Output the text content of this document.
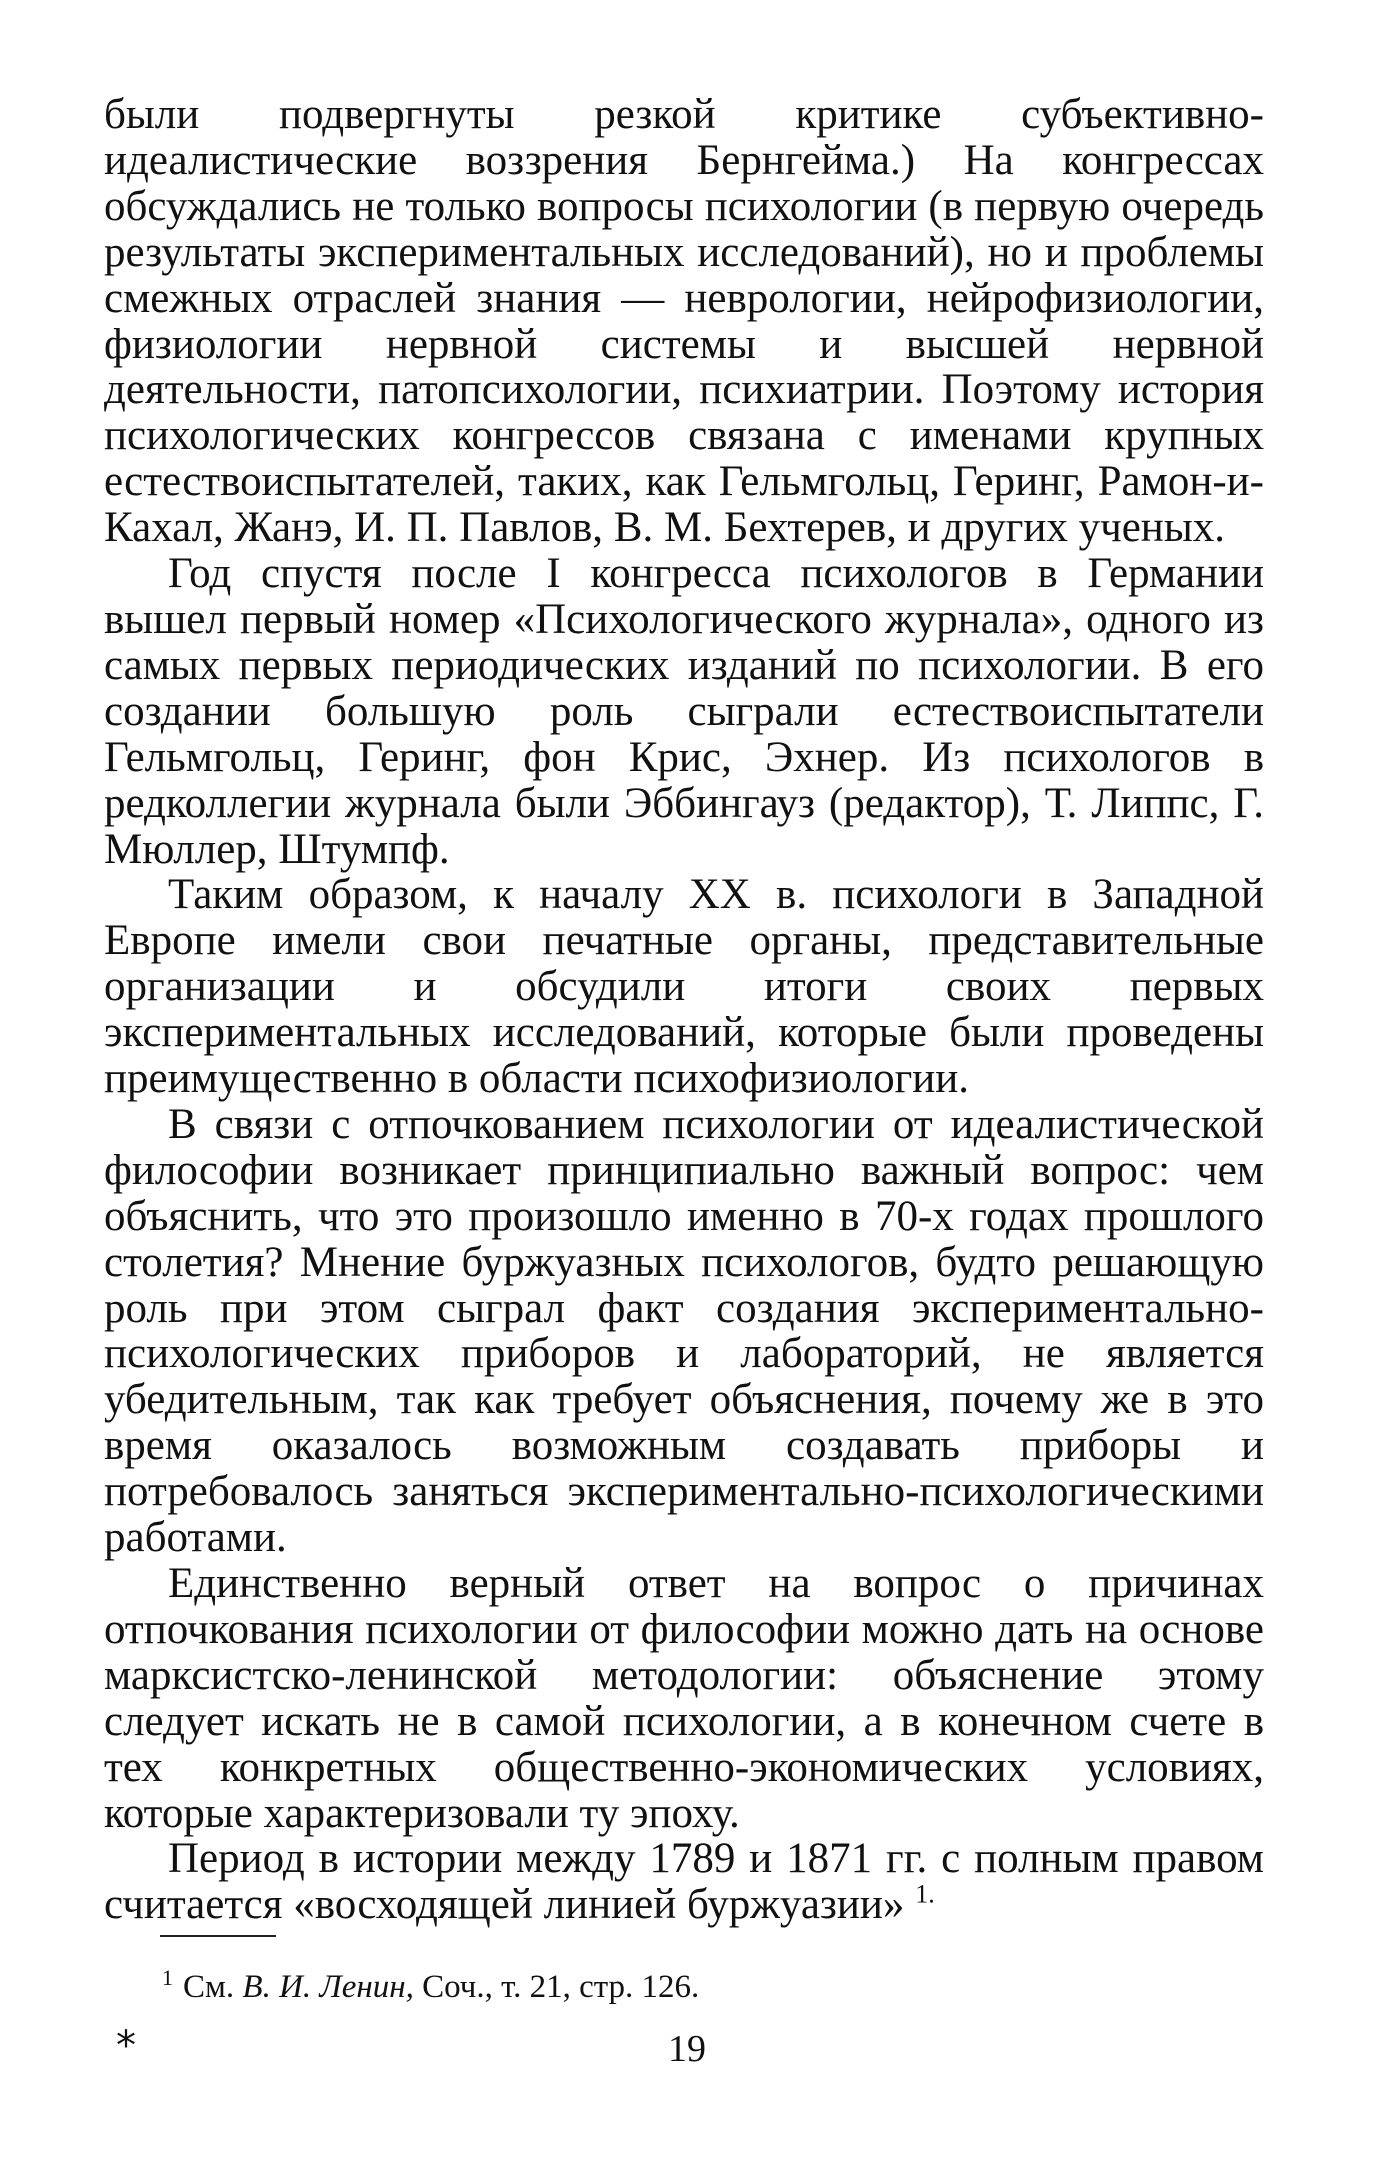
были подвергнуты резкой критике субъективно-идеалистические воззрения Бернгейма.) На конгрессах обсуждались не только вопросы психологии (в первую очередь результаты экспериментальных исследований), но и проблемы смежных отраслей знания — неврологии, нейрофизиологии, физиологии нервной системы и высшей нервной деятельности, патопсихологии, психиатрии. Поэтому история психологических конгрессов связана с именами крупных естествоиспытателей, таких, как Гельмгольц, Геринг, Рамон-и-Кахал, Жанэ, И. П. Павлов, В. М. Бехтерев, и других ученых.

Год спустя после I конгресса психологов в Германии вышел первый номер «Психологического журнала», одного из самых первых периодических изданий по психологии. В его создании большую роль сыграли естествоиспытатели Гельмгольц, Геринг, фон Крис, Эхнер. Из психологов в редколлегии журнала были Эббингауз (редактор), Т. Липпс, Г. Мюллер, Штумпф.

Таким образом, к началу XX в. психологи в Западной Европе имели свои печатные органы, представительные организации и обсудили итоги своих первых экспериментальных исследований, которые были проведены преимущественно в области психофизиологии.

В связи с отпочкованием психологии от идеалистической философии возникает принципиально важный вопрос: чем объяснить, что это произошло именно в 70-х годах прошлого столетия? Мнение буржуазных психологов, будто решающую роль при этом сыграл факт создания экспериментально-психологических приборов и лабораторий, не является убедительным, так как требует объяснения, почему же в это время оказалось возможным создавать приборы и потребовалось заняться экспериментально-психологическими работами.

Единственно верный ответ на вопрос о причинах отпочкования психологии от философии можно дать на основе марксистско-ленинской методологии: объяснение этому следует искать не в самой психологии, а в конечном счете в тех конкретных общественно-экономических условиях, которые характеризовали ту эпоху.

Период в истории между 1789 и 1871 гг. с полным правом считается «восходящей линией буржуазии» $^{1.}$

$^1$ См. В. И. Ленин, Соч., т. 21, стр. 126.
*	19
